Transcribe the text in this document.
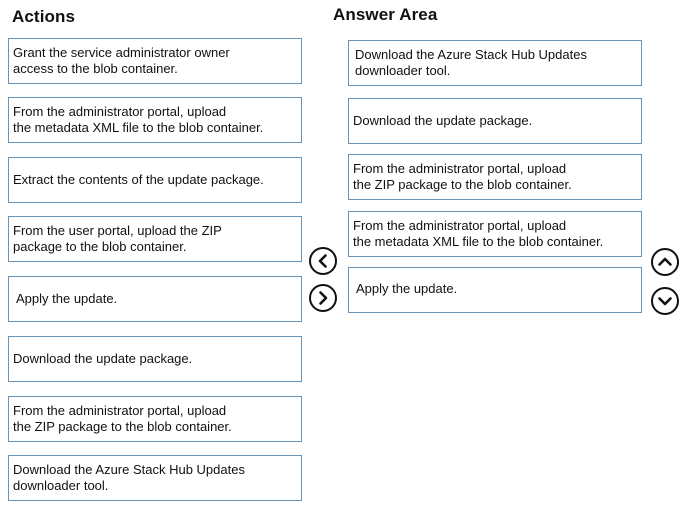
Actions	Answer Area
Grant the service administrator owner
access to the blob container.
From the administrator portal, upload
the metadata XML file to the blob container.
Extract the contents of the update package.
From the user portal, upload the ZIP
package to the blob container.
Apply the update.
Download the update package.
From the administrator portal, upload
the ZIP package to the blob container.
Download the Azure Stack Hub Updates
downloader tool.
Download the Azure Stack Hub Updates
downloader tool.
Download the update package.
From the administrator portal, upload
the ZIP package to the blob container.
From the administrator portal, upload
the metadata XML file to the blob container.
Apply the update.
